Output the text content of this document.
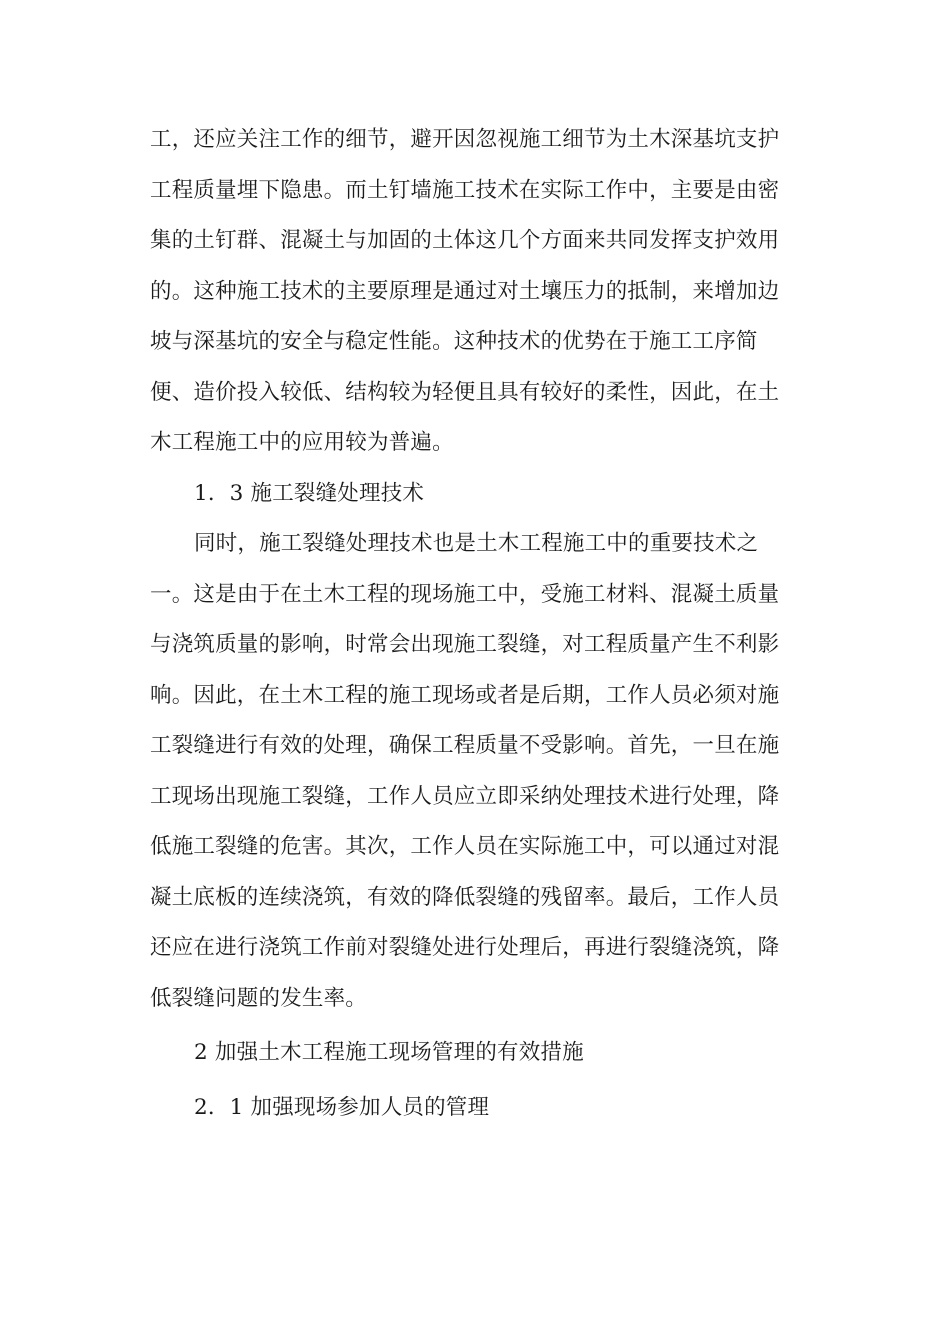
工，还应关注工作的细节，避开因忽视施工细节为土木深基坑支护
工程质量埋下隐患。而土钉墙施工技术在实际工作中，主要是由密
集的土钉群、混凝土与加固的土体这几个方面来共同发挥支护效用
的。这种施工技术的主要原理是通过对土壤压力的抵制，来增加边
坡与深基坑的安全与稳定性能。这种技术的优势在于施工工序简
便、造价投入较低、结构较为轻便且具有较好的柔性，因此，在土
木工程施工中的应用较为普遍。
1．3 施工裂缝处理技术
同时，施工裂缝处理技术也是土木工程施工中的重要技术之
一。这是由于在土木工程的现场施工中，受施工材料、混凝土质量
与浇筑质量的影响，时常会出现施工裂缝，对工程质量产生不利影
响。因此，在土木工程的施工现场或者是后期，工作人员必须对施
工裂缝进行有效的处理，确保工程质量不受影响。首先，一旦在施
工现场出现施工裂缝，工作人员应立即采纳处理技术进行处理，降
低施工裂缝的危害。其次，工作人员在实际施工中，可以通过对混
凝土底板的连续浇筑，有效的降低裂缝的残留率。最后，工作人员
还应在进行浇筑工作前对裂缝处进行处理后，再进行裂缝浇筑，降
低裂缝问题的发生率。
2 加强土木工程施工现场管理的有效措施
2．1 加强现场参加人员的管理
